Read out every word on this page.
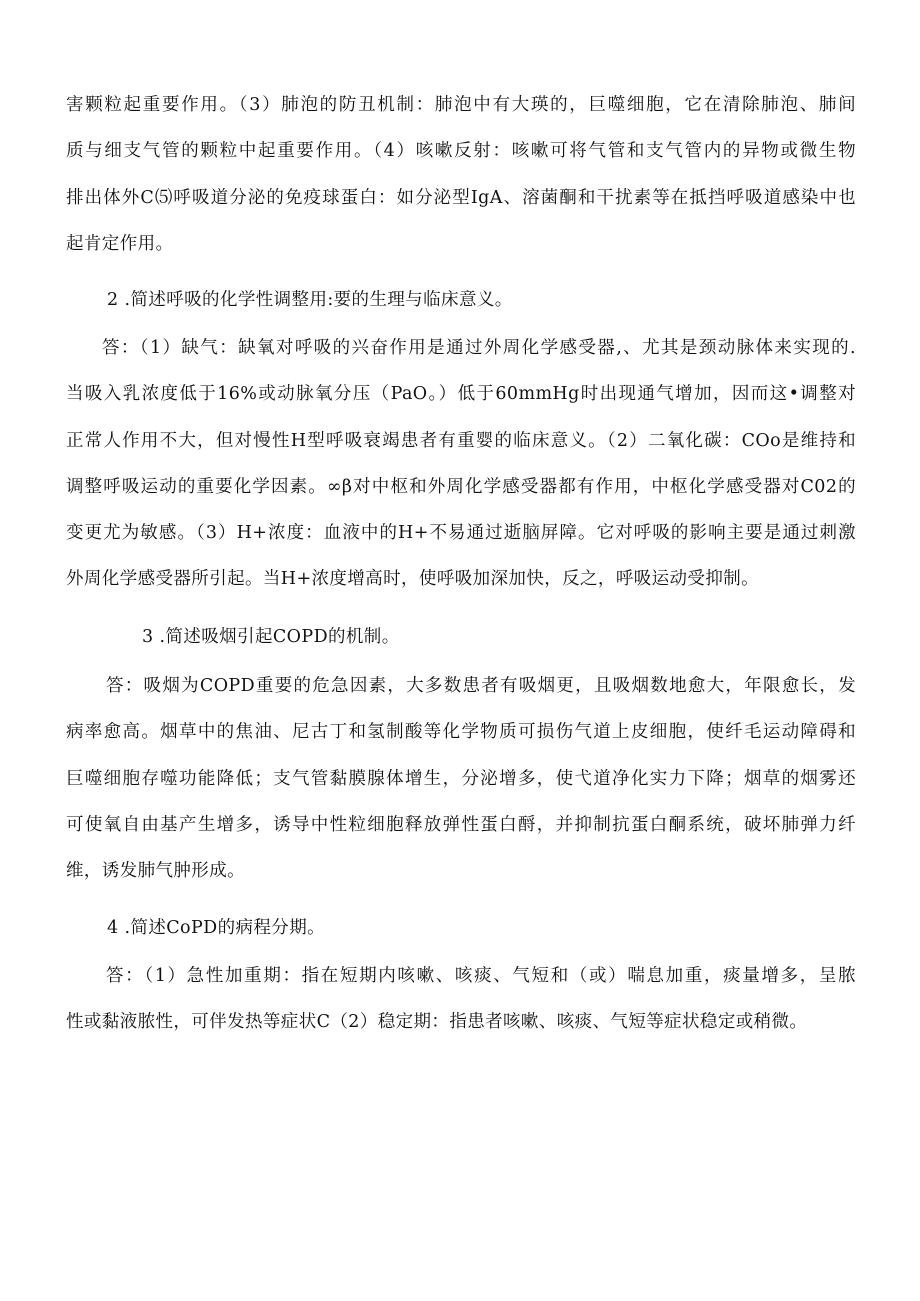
害颗粒起重要作用。（3）肺泡的防丑机制：肺泡中有大瑛的，巨噬细胞，它在清除肺泡、肺间
质与细支气管的颗粒中起重要作用。（4）咳嗽反射：咳嗽可将气管和支气管内的异物或微生物
排出体外C⑸呼吸道分泌的免疫球蛋白：如分泌型IgA、溶菌酮和干扰素等在抵挡呼吸道感染中也
起肯定作用。
2 .简述呼吸的化学性调整用:要的生理与临床意义。
答：（1）缺气：缺氧对呼吸的兴奋作用是通过外周化学感受器,、尤其是颈动脉体来实现的.
当吸入乳浓度低于16%或动脉氧分压（PaO。）低于60mmHg时出现通气增加，因而这•调整对
正常人作用不大，但对慢性H型呼吸衰竭患者有重婴的临床意义。（2）二氧化碳：COo是维持和
调整呼吸运动的重要化学因素。∞β对中枢和外周化学感受器都有作用，中枢化学感受器对C02的
变更尤为敏感。（3）H+浓度：血液中的H+不易通过逝脑屏障。它对呼吸的影响主要是通过刺激
外周化学感受器所引起。当H+浓度增高时，使呼吸加深加快，反之，呼吸运动受抑制。
3 .简述吸烟引起COPD的机制。
答：吸烟为COPD重要的危急因素，大多数患者有吸烟更，且吸烟数地愈大，年限愈长，发
病率愈高。烟草中的焦油、尼古丁和氢制酸等化学物质可损伤气道上皮细胞，使纤毛运动障碍和
巨噬细胞存噬功能降低；支气管黏膜腺体增生，分泌增多，使弋道净化实力下降；烟草的烟雾还
可使氧自由基产生增多，诱导中性粒细胞释放弹性蛋白酹，并抑制抗蛋白酮系统，破坏肺弹力纤
维，诱发肺气肿形成。
4 .简述CoPD的病程分期。
答：（1）急性加重期：指在短期内咳嗽、咳痰、气短和（或）喘息加重，痰量增多，呈脓
性或黏液脓性，可伴发热等症状C（2）稳定期：指患者咳嗽、咳痰、气短等症状稳定或稍微。
